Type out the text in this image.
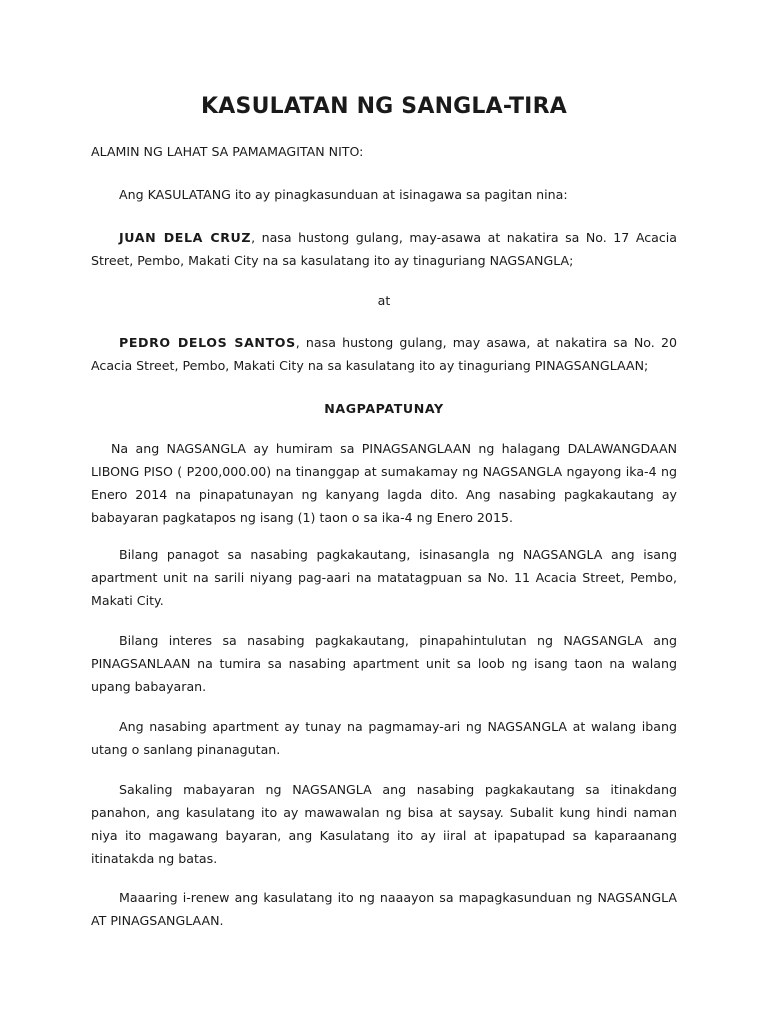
KASULATAN NG SANGLA-TIRA

ALAMIN NG LAHAT SA PAMAMAGITAN NITO:

Ang KASULATANG ito ay pinagkasunduan at isinagawa sa pagitan nina:

JUAN DELA CRUZ, nasa hustong gulang, may-asawa at nakatira sa No. 17 Acacia Street, Pembo, Makati City na sa kasulatang ito ay tinaguriang NAGSANGLA;

at

PEDRO DELOS SANTOS, nasa hustong gulang, may asawa, at nakatira sa No. 20 Acacia Street, Pembo, Makati City na sa kasulatang ito ay tinaguriang PINAGSANGLAAN;

NAGPAPATUNAY

Na ang NAGSANGLA ay humiram sa PINAGSANGLAAN ng halagang DALAWANGDAAN LIBONG PISO ( P200,000.00) na tinanggap at sumakamay ng NAGSANGLA ngayong ika-4 ng Enero 2014 na pinapatunayan ng kanyang lagda dito. Ang nasabing pagkakautang ay babayaran pagkatapos ng isang (1) taon o sa ika-4 ng Enero 2015.

Bilang panagot sa nasabing pagkakautang, isinasangla ng NAGSANGLA ang isang apartment unit na sarili niyang pag-aari na matatagpuan sa No. 11 Acacia Street, Pembo, Makati City.

Bilang interes sa nasabing pagkakautang, pinapahintulutan ng NAGSANGLA ang PINAGSANLAAN na tumira sa nasabing apartment unit sa loob ng isang taon na walang upang babayaran.

Ang nasabing apartment ay tunay na pagmamay-ari ng NAGSANGLA at walang ibang utang o sanlang pinanagutan.

Sakaling mabayaran ng NAGSANGLA ang nasabing pagkakautang sa itinakdang panahon, ang kasulatang ito ay mawawalan ng bisa at saysay. Subalit kung hindi naman niya ito magawang bayaran, ang Kasulatang ito ay iiral at ipapatupad sa kaparaanang itinatakda ng batas.

Maaaring i-renew ang kasulatang ito ng naaayon sa mapagkasunduan ng NAGSANGLA AT PINAGSANGLAAN.
